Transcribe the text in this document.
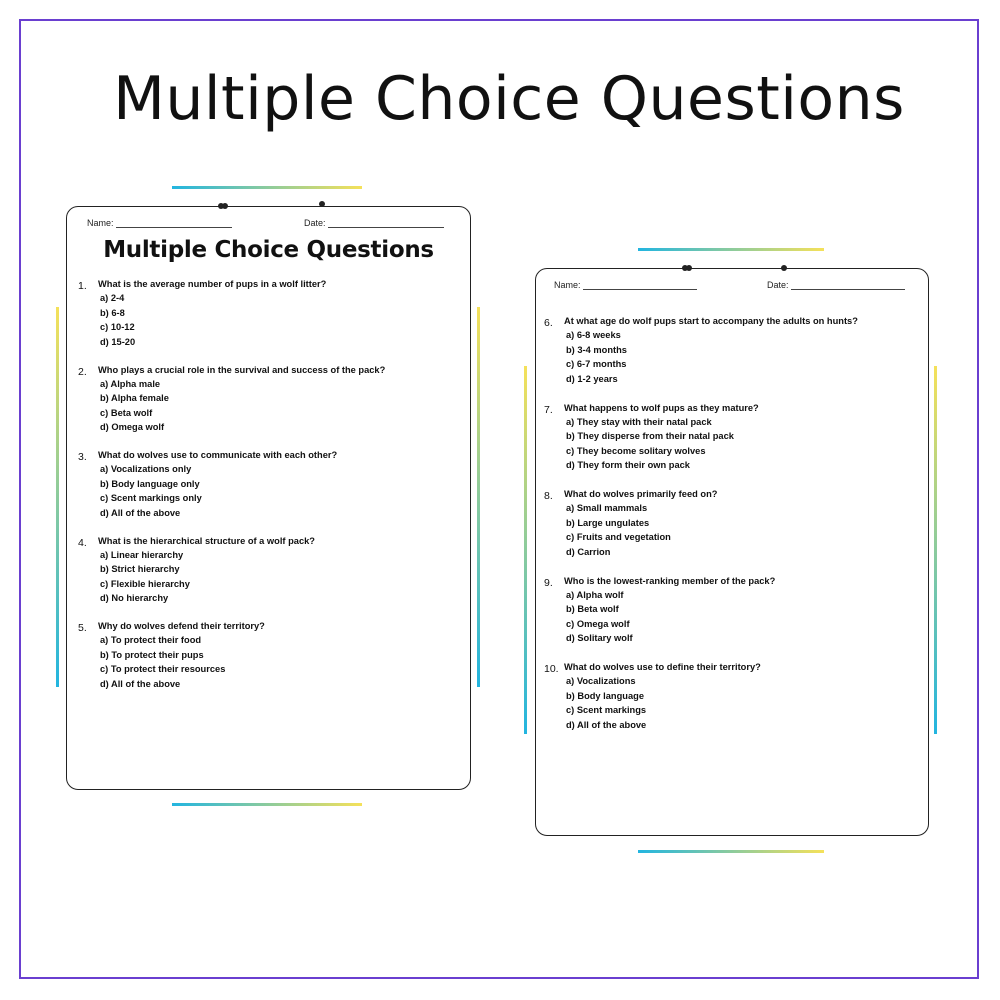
Multiple Choice Questions
Name:	Date:
Multiple Choice Questions
1. What is the average number of pups in a wolf litter?
a) 2-4
b) 6-8
c) 10-12
d) 15-20
2. Who plays a crucial role in the survival and success of the pack?
a) Alpha male
b) Alpha female
c) Beta wolf
d) Omega wolf
3. What do wolves use to communicate with each other?
a) Vocalizations only
b) Body language only
c) Scent markings only
d) All of the above
4. What is the hierarchical structure of a wolf pack?
a) Linear hierarchy
b) Strict hierarchy
c) Flexible hierarchy
d) No hierarchy
5. Why do wolves defend their territory?
a) To protect their food
b) To protect their pups
c) To protect their resources
d) All of the above
Name:	Date:
6. At what age do wolf pups start to accompany the adults on hunts?
a) 6-8 weeks
b) 3-4 months
c) 6-7 months
d) 1-2 years
7. What happens to wolf pups as they mature?
a) They stay with their natal pack
b) They disperse from their natal pack
c) They become solitary wolves
d) They form their own pack
8. What do wolves primarily feed on?
a) Small mammals
b) Large ungulates
c) Fruits and vegetation
d) Carrion
9. Who is the lowest-ranking member of the pack?
a) Alpha wolf
b) Beta wolf
c) Omega wolf
d) Solitary wolf
10. What do wolves use to define their territory?
a) Vocalizations
b) Body language
c) Scent markings
d) All of the above
